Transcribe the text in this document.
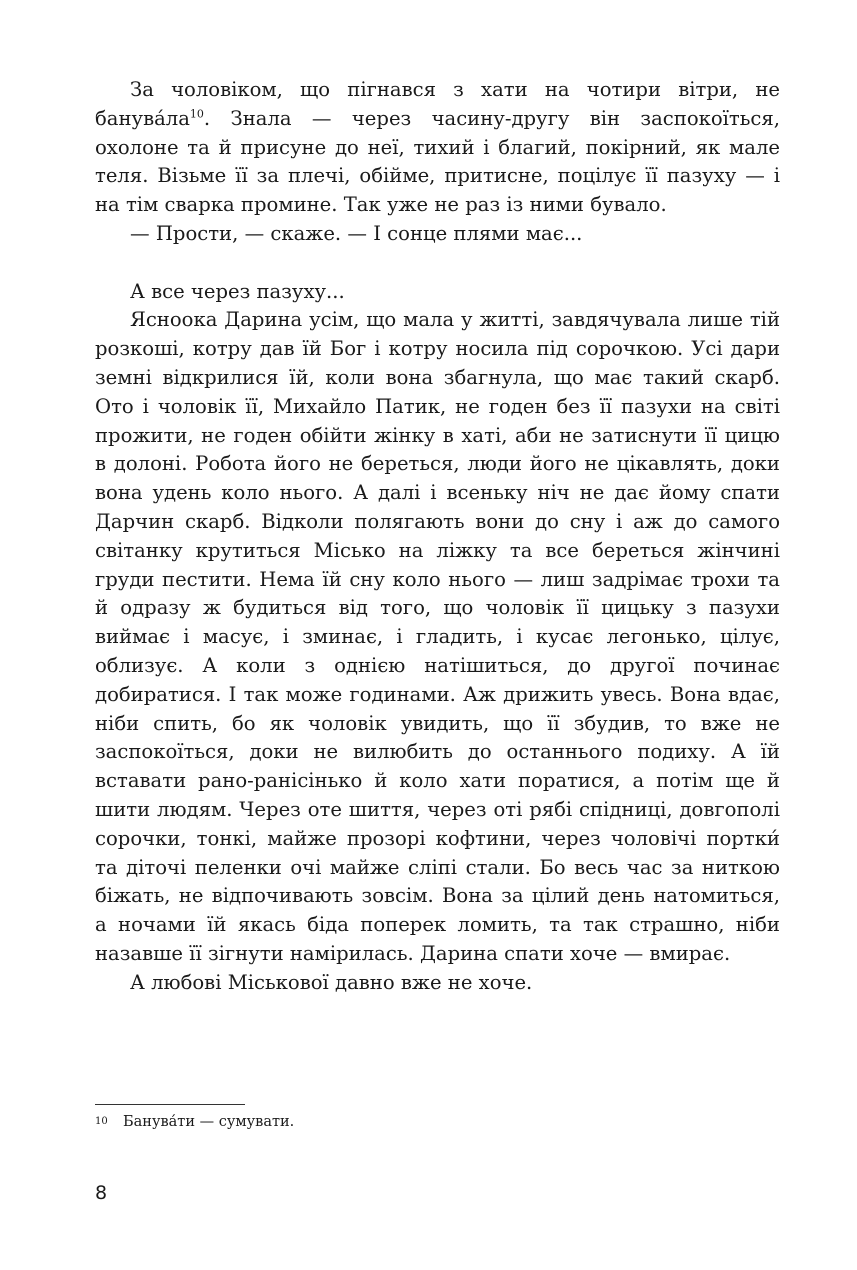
За чоловіком, що пігнався з хати на чотири вітри, не банува́ла$^{10}$. Знала — через часину-другу він заспокоїться, охолоне та й присуне до неї, тихий і благий, покірний, як мале теля. Візьме її за плечі, обійме, притисне, поцілує її пазуху — і на тім сварка промине. Так уже не раз із ними бувало.

— Прости, — скаже. — І сонце плями має...

А все через пазуху...

Ясноока Дарина усім, що мала у житті, завдячувала лише тій розкоші, котру дав їй Бог і котру носила під сорочкою. Усі дари земні відкрилися їй, коли вона збагнула, що має такий скарб. Ото і чоловік її, Михайло Патик, не годен без її пазухи на світі прожити, не годен обійти жінку в хаті, аби не затиснути її цицю в долоні. Робота його не береться, люди його не цікавлять, доки вона удень коло нього. А далі і всеньку ніч не дає йому спати Дарчин скарб. Відколи полягають вони до сну і аж до самого світанку крутиться Місько на ліжку та все береться жінчині груди пестити. Нема їй сну коло нього — лиш задрімає трохи та й одразу ж будиться від того, що чоловік її цицьку з пазухи виймає і масує, і зминає, і гладить, і кусає легонько, цілує, облизує. А коли з однією натішиться, до другої починає добиратися. І так може годинами. Аж дрижить увесь. Вона вдає, ніби спить, бо як чоловік увидить, що її збудив, то вже не заспокоїться, доки не вилюбить до останнього подиху. А їй вставати рано-ранісінько й коло хати поратися, а потім ще й шити людям. Через оте шиття, через оті рябі спідниці, довгополі сорочки, тонкі, майже прозорі кофтини, через чоловічі портки́ та діточі пеленки очі майже сліпі стали. Бо весь час за ниткою біжать, не відпочивають зовсім. Вона за цілий день натомиться, а ночами їй якась біда поперек ломить, та так страшно, ніби назавше її зігнути намірилась. Дарина спати хоче — вмирає.

А любові Міськової давно вже не хоче.

10 Банува́ти — сумувати.
8
